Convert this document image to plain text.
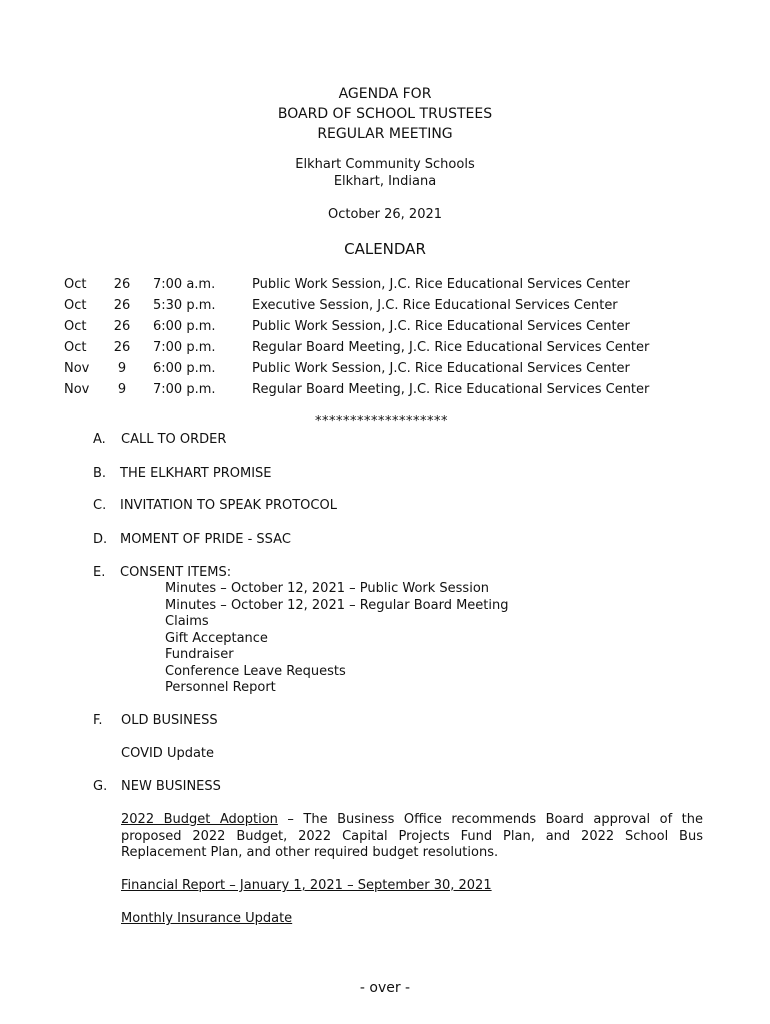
AGENDA FOR
BOARD OF SCHOOL TRUSTEES
REGULAR MEETING
Elkhart Community Schools
Elkhart, Indiana
October 26, 2021
CALENDAR
Oct 26 7:00 a.m.	Public Work Session, J.C. Rice Educational Services Center
Oct 26 5:30 p.m.	Executive Session, J.C. Rice Educational Services Center
Oct 26 6:00 p.m.	Public Work Session, J.C. Rice Educational Services Center
Oct 26 7:00 p.m.	Regular Board Meeting, J.C. Rice Educational Services Center
Nov	9	6:00 p.m.	Public Work Session, J.C. Rice Educational Services Center
Nov	9	7:00 p.m.	Regular Board Meeting, J.C. Rice Educational Services Center
*******************
A. CALL TO ORDER
B. THE ELKHART PROMISE
C. INVITATION TO SPEAK PROTOCOL
D. MOMENT OF PRIDE - SSAC
E. CONSENT ITEMS:
Minutes – October 12, 2021 – Public Work Session
Minutes – October 12, 2021 – Regular Board Meeting
Claims
Gift Acceptance
Fundraiser
Conference Leave Requests
Personnel Report
F. OLD BUSINESS
COVID Update
G. NEW BUSINESS
2022 Budget Adoption – The Business Office recommends Board approval of the proposed 2022 Budget, 2022 Capital Projects Fund Plan, and 2022 School Bus Replacement Plan, and other required budget resolutions.
Financial Report – January 1, 2021 – September 30, 2021
Monthly Insurance Update
- over -
